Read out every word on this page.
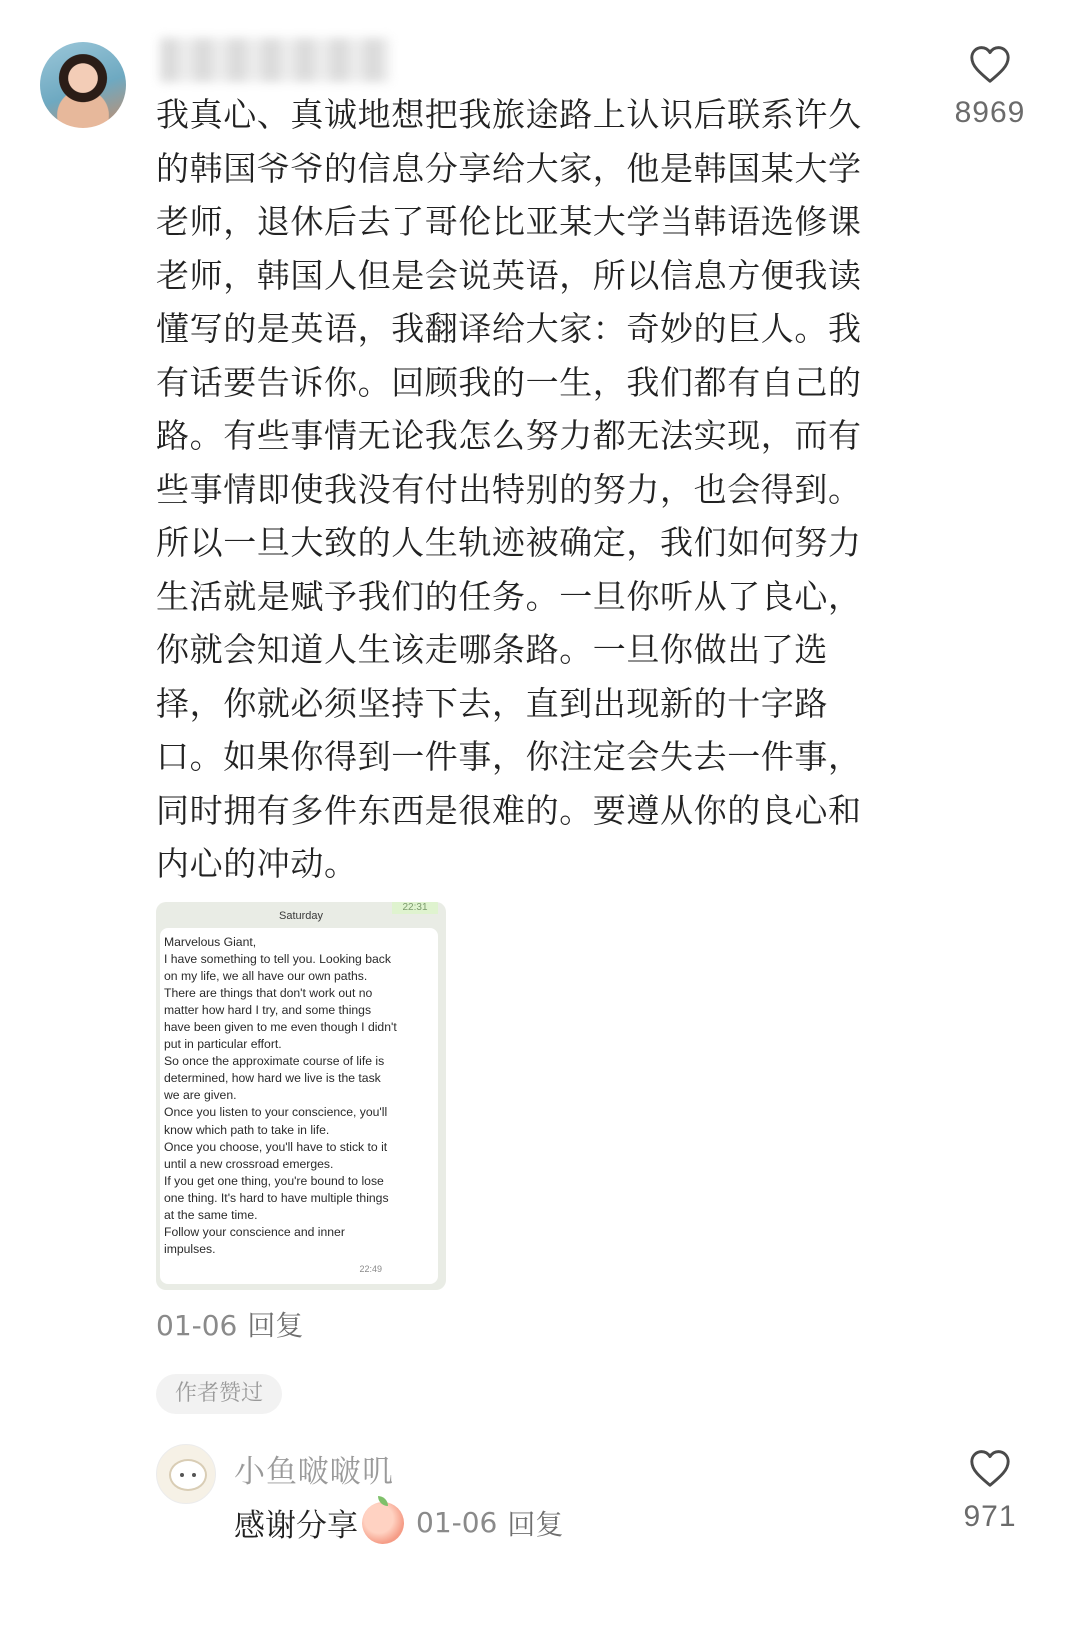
8969
我真心、真诚地想把我旅途路上认识后联系许久的韩国爷爷的信息分享给大家，他是韩国某大学老师，退休后去了哥伦比亚某大学当韩语选修课老师，韩国人但是会说英语，所以信息方便我读懂写的是英语，我翻译给大家：奇妙的巨人。我有话要告诉你。回顾我的一生，我们都有自己的路。有些事情无论我怎么努力都无法实现，而有些事情即使我没有付出特别的努力，也会得到。所以一旦大致的人生轨迹被确定，我们如何努力生活就是赋予我们的任务。一旦你听从了良心，你就会知道人生该走哪条路。一旦你做出了选择，你就必须坚持下去，直到出现新的十字路口。如果你得到一件事，你注定会失去一件事，同时拥有多件东西是很难的。要遵从你的良心和内心的冲动。
22:31
Saturday
Marvelous Giant,
I have something to tell you. Looking back on my life, we all have our own paths. There are things that don't work out no matter how hard I try, and some things have been given to me even though I didn't put in particular effort.
So once the approximate course of life is determined, how hard we live is the task we are given.
Once you listen to your conscience, you'll know which path to take in life.
Once you choose, you'll have to stick to it until a new crossroad emerges.
If you get one thing, you're bound to lose one thing. It's hard to have multiple things at the same time.
Follow your conscience and inner impulses.
22:49
01-06 回复
作者赞过
小鱼啵啵叽
感谢分享 01-06 回复	971
